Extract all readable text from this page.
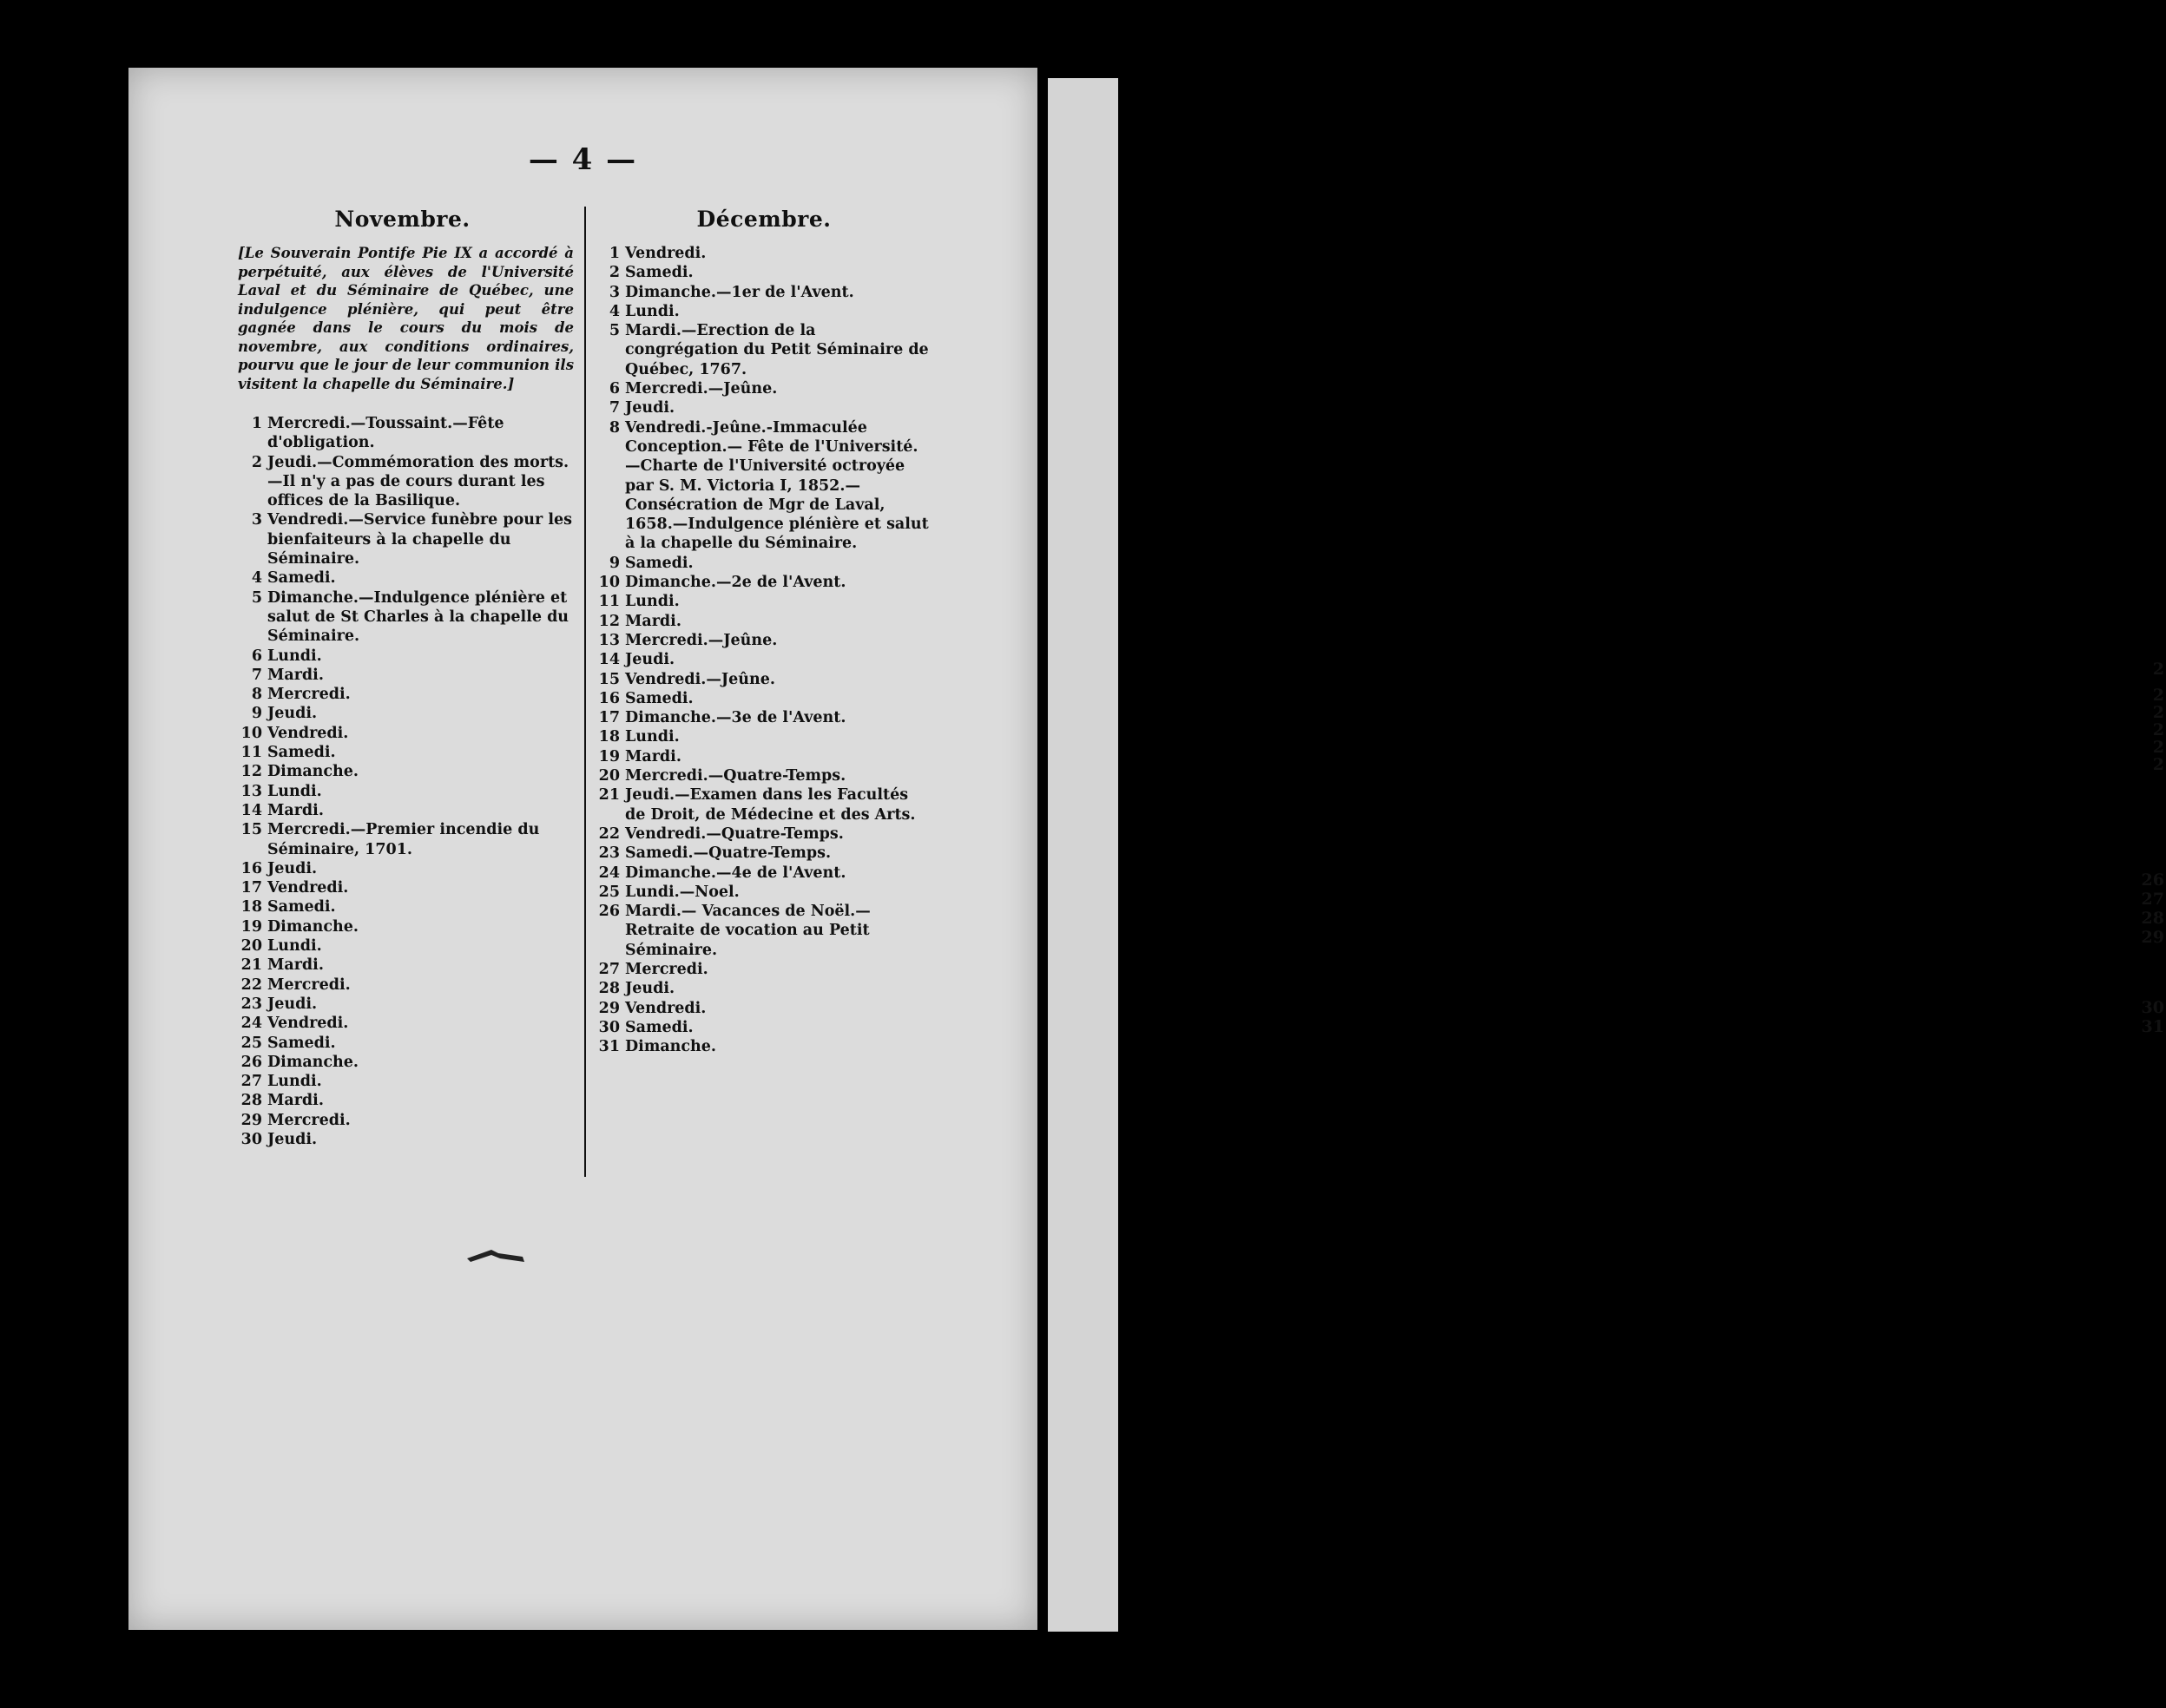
2
2
2
2
2
2
26
27
28
29
30
31
— 4 —
Novembre.
[Le Souverain Pontife Pie IX a accordé à perpétuité, aux élèves de l'Université Laval et du Séminaire de Québec, une indulgence plénière, qui peut être gagnée dans le cours du mois de novembre, aux conditions ordinaires, pourvu que le jour de leur communion ils visitent la chapelle du Séminaire.]
1 Mercredi.—Toussaint.—Fête d'obligation.
2 Jeudi.—Commémoration des morts. —Il n'y a pas de cours durant les offices de la Basilique.
3 Vendredi.—Service funèbre pour les bienfaiteurs à la chapelle du Séminaire.
4 Samedi.
5 Dimanche.—Indulgence plénière et salut de St Charles à la chapelle du Séminaire.
6 Lundi.
7 Mardi.
8 Mercredi.
9 Jeudi.
10 Vendredi.
11 Samedi.
12 Dimanche.
13 Lundi.
14 Mardi.
15 Mercredi.—Premier incendie du Séminaire, 1701.
16 Jeudi.
17 Vendredi.
18 Samedi.
19 Dimanche.
20 Lundi.
21 Mardi.
22 Mercredi.
23 Jeudi.
24 Vendredi.
25 Samedi.
26 Dimanche.
27 Lundi.
28 Mardi.
29 Mercredi.
30 Jeudi.
Décembre.
1 Vendredi.
2 Samedi.
3 Dimanche.—1er de l'Avent.
4 Lundi.
5 Mardi.—Erection de la congrégation du Petit Séminaire de Québec, 1767.
6 Mercredi.—Jeûne.
7 Jeudi.
8 Vendredi.-Jeûne.-Immaculée Conception.— Fête de l'Université. —Charte de l'Université octroyée par S. M. Victoria I, 1852.— Consécration de Mgr de Laval, 1658.—Indulgence plénière et salut à la chapelle du Séminaire.
9 Samedi.
10 Dimanche.—2e de l'Avent.
11 Lundi.
12 Mardi.
13 Mercredi.—Jeûne.
14 Jeudi.
15 Vendredi.—Jeûne.
16 Samedi.
17 Dimanche.—3e de l'Avent.
18 Lundi.
19 Mardi.
20 Mercredi.—Quatre-Temps.
21 Jeudi.—Examen dans les Facultés de Droit, de Médecine et des Arts.
22 Vendredi.—Quatre-Temps.
23 Samedi.—Quatre-Temps.
24 Dimanche.—4e de l'Avent.
25 Lundi.—Noel.
26 Mardi.— Vacances de Noël.—Retraite de vocation au Petit Séminaire.
27 Mercredi.
28 Jeudi.
29 Vendredi.
30 Samedi.
31 Dimanche.
